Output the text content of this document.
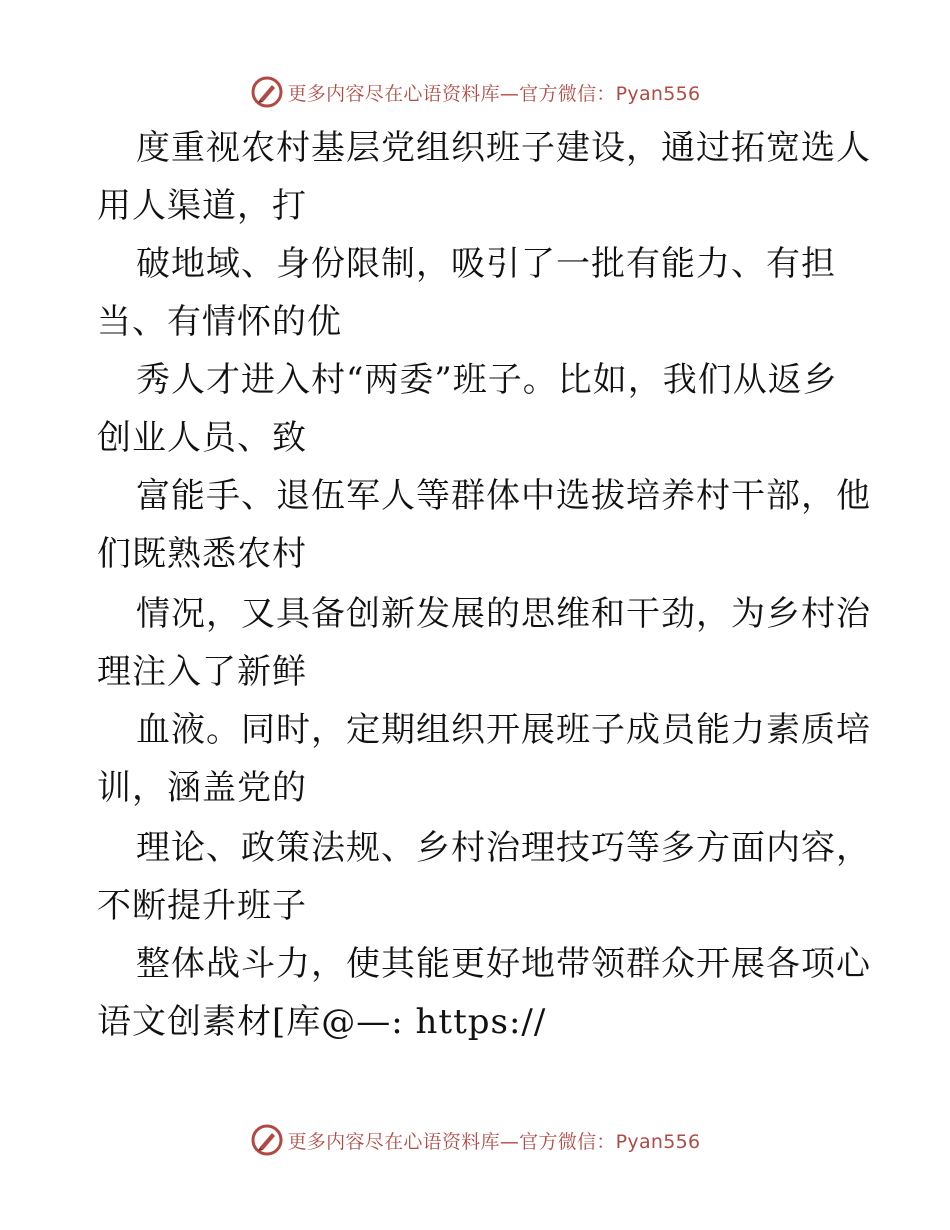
更多内容尽在心语资料库—官方微信：Pyan556
度重视农村基层党组织班子建设，通过拓宽选人
用人渠道，打
破地域、身份限制，吸引了一批有能力、有担
当、有情怀的优
秀人才进入村“两委”班子。比如，我们从返乡
创业人员、致
富能手、退伍军人等群体中选拔培养村干部，他
们既熟悉农村
情况，又具备创新发展的思维和干劲，为乡村治
理注入了新鲜
血液。同时，定期组织开展班子成员能力素质培
训，涵盖党的
理论、政策法规、乡村治理技巧等多方面内容，
不断提升班子
整体战斗力，使其能更好地带领群众开展各项心
语文创素材[库@—: https://
更多内容尽在心语资料库—官方微信：Pyan556
